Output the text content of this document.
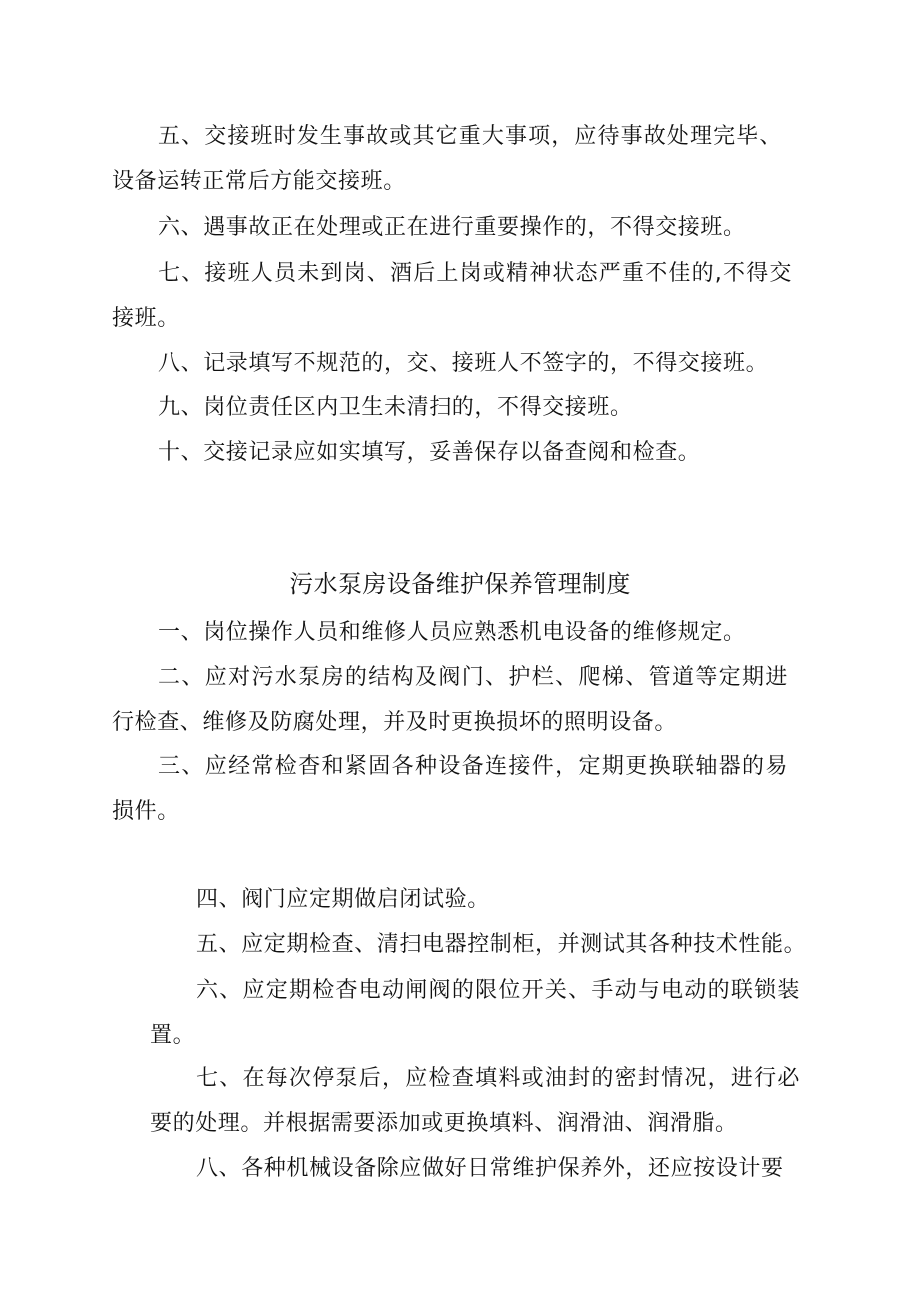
五、交接班时发生事故或其它重大事项，应待事故处理完毕、设备运转正常后方能交接班。

六、遇事故正在处理或正在进行重要操作的，不得交接班。

七、接班人员未到岗、酒后上岗或精神状态严重不佳的,不得交接班。

八、记录填写不规范的，交、接班人不签字的，不得交接班。

九、岗位责任区内卫生未清扫的，不得交接班。

十、交接记录应如实填写，妥善保存以备查阅和检查。

污水泵房设备维护保养管理制度

一、岗位操作人员和维修人员应熟悉机电设备的维修规定。

二、应对污水泵房的结构及阀门、护栏、爬梯、管道等定期进行检查、维修及防腐处理，并及时更换损坏的照明设备。

三、应经常检杳和紧固各种设备连接件，定期更换联轴器的易损件。

四、阀门应定期做启闭试验。

五、应定期检查、清扫电器控制柜，并测试其各种技术性能。

六、应定期检杳电动闸阀的限位开关、手动与电动的联锁装置。

七、在每次停泵后，应检查填料或油封的密封情况，进行必要的处理。并根据需要添加或更换填料、润滑油、润滑脂。

八、各种机械设备除应做好日常维护保养外，还应按设计要
